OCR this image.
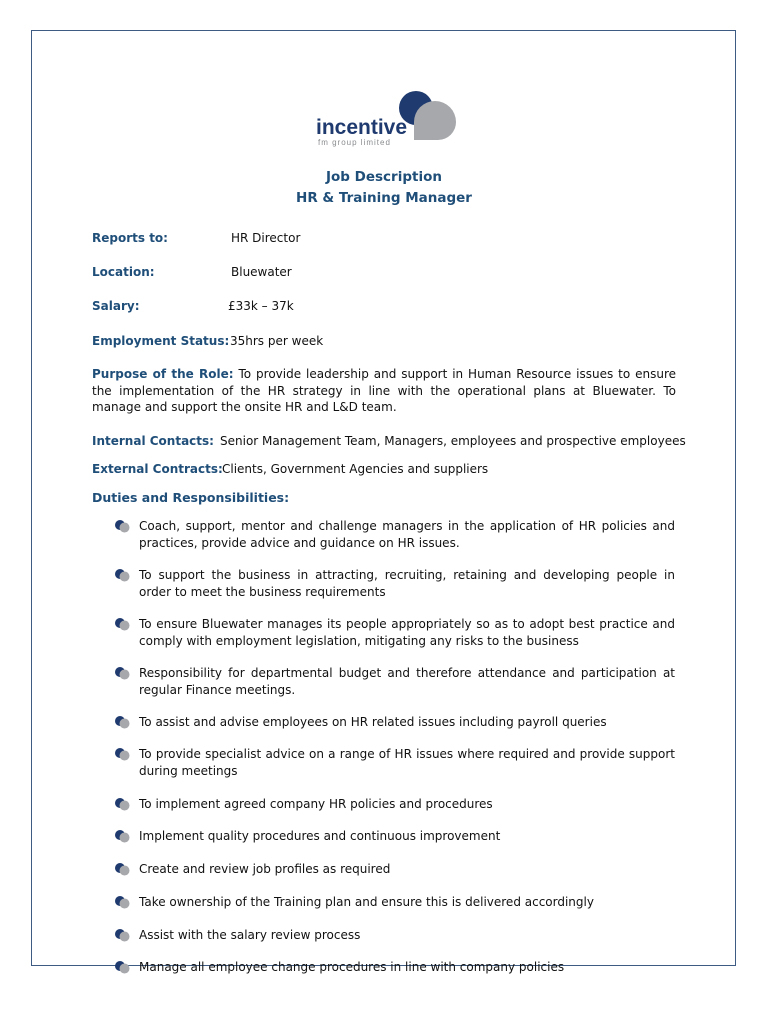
incentive
fm group limited
Job Description
HR & Training Manager
Reports to:	HR Director
Location:	Bluewater
Salary:	£33k – 37k
Employment Status: 35hrs per week
Purpose of the Role: To provide leadership and support in Human Resource issues to ensure the implementation of the HR strategy in line with the operational plans at Bluewater. To manage and support the onsite HR and L&D team.
Internal Contacts: Senior Management Team, Managers, employees and prospective employees
External Contracts: Clients, Government Agencies and suppliers
Duties and Responsibilities:
Coach, support, mentor and challenge managers in the application of HR policies and practices, provide advice and guidance on HR issues.
To support the business in attracting, recruiting, retaining and developing people in order to meet the business requirements
To ensure Bluewater manages its people appropriately so as to adopt best practice and comply with employment legislation, mitigating any risks to the business
Responsibility for departmental budget and therefore attendance and participation at regular Finance meetings.
To assist and advise employees on HR related issues including payroll queries
To provide specialist advice on a range of HR issues where required and provide support during meetings
To implement agreed company HR policies and procedures
Implement quality procedures and continuous improvement
Create and review job profiles as required
Take ownership of the Training plan and ensure this is delivered accordingly
Assist with the salary review process
Manage all employee change procedures in line with company policies
